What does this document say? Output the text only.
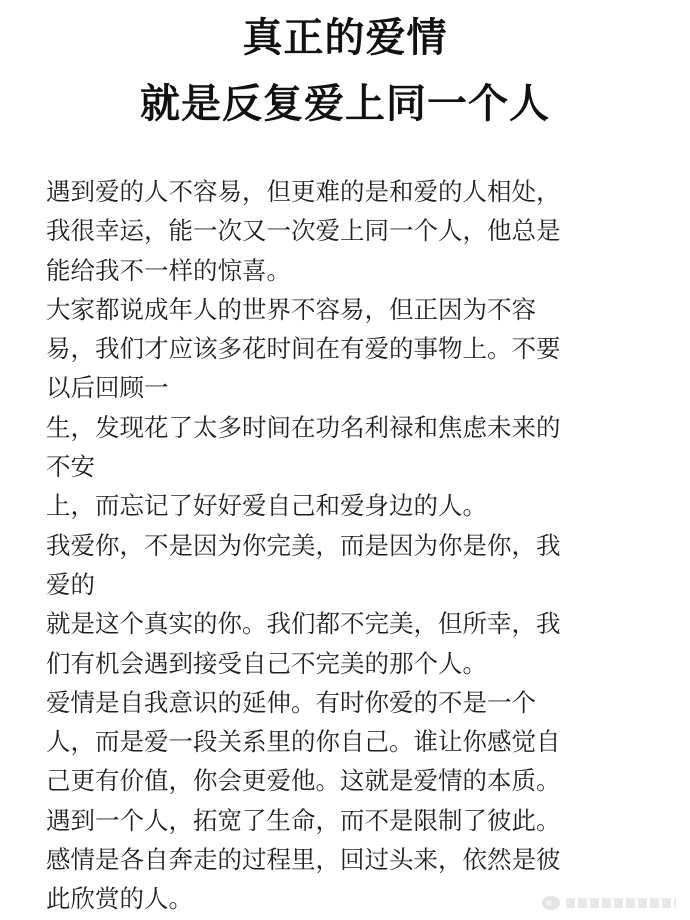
真正的爱情
就是反复爱上同一个人
遇到爱的人不容易，但更难的是和爱的人相处，
我很幸运，能一次又一次爱上同一个人，他总是
能给我不一样的惊喜。
大家都说成年人的世界不容易，但正因为不容
易，我们才应该多花时间在有爱的事物上。不要
以后回顾一
生，发现花了太多时间在功名利禄和焦虑未来的
不安
上，而忘记了好好爱自己和爱身边的人。
我爱你，不是因为你完美，而是因为你是你，我
爱的
就是这个真实的你。我们都不完美，但所幸，我
们有机会遇到接受自己不完美的那个人。
爱情是自我意识的延伸。有时你爱的不是一个
人，而是爱一段关系里的你自己。谁让你感觉自
己更有价值，你会更爱他。这就是爱情的本质。
遇到一个人，拓宽了生命，而不是限制了彼此。
感情是各自奔走的过程里，回过头来，依然是彼
此欣赏的人。
